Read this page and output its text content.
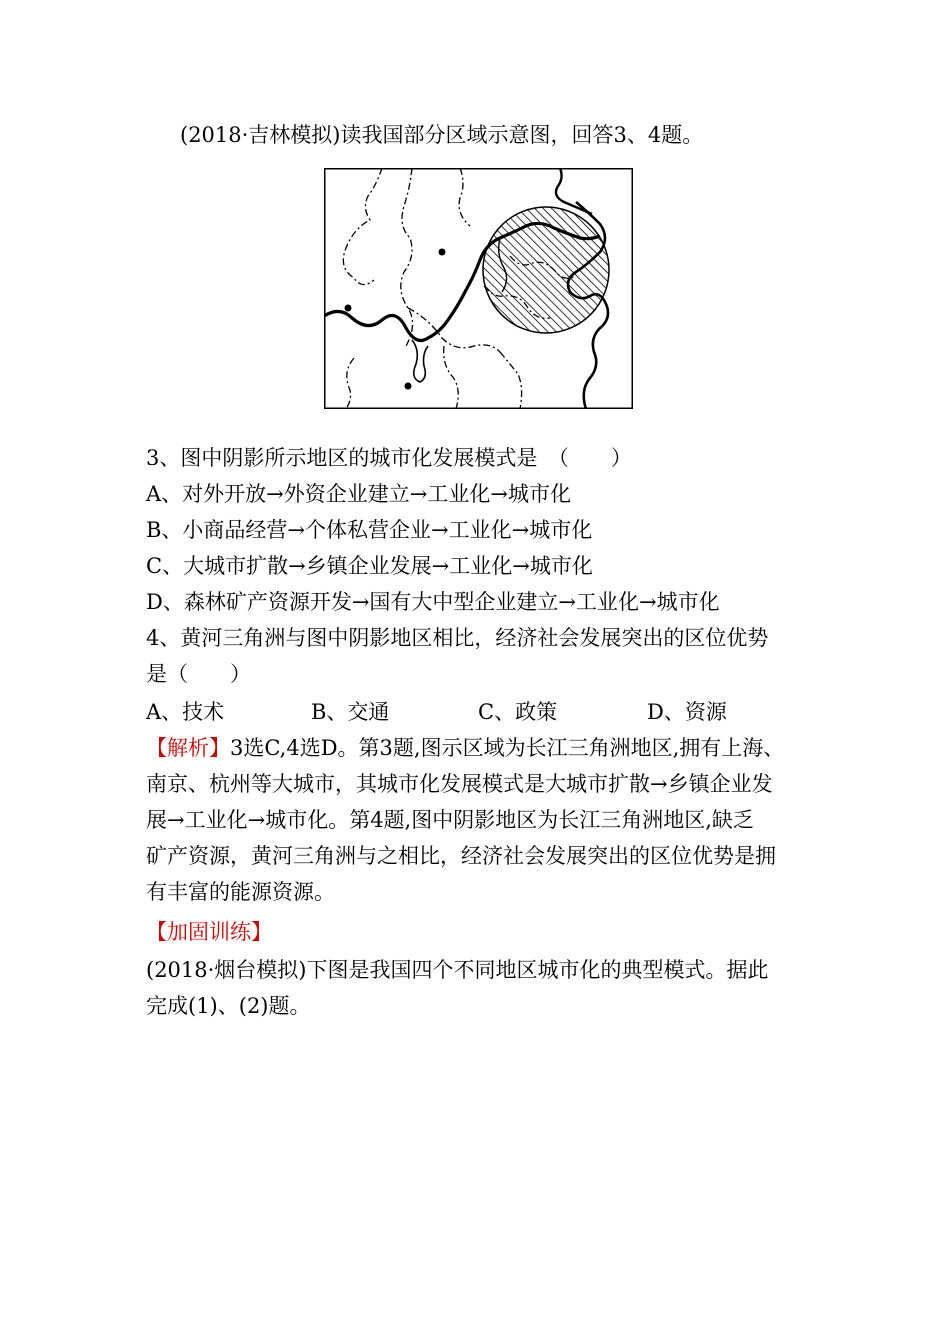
(2018·吉林模拟)读我国部分区域示意图，回答3、4题。
3、图中阴影所示地区的城市化发展模式是　（　　）
A、对外开放→外资企业建立→工业化→城市化
B、小商品经营→个体私营企业→工业化→城市化
C、大城市扩散→乡镇企业发展→工业化→城市化
D、森林矿产资源开发→国有大中型企业建立→工业化→城市化
4、黄河三角洲与图中阴影地区相比，经济社会发展突出的区位优势
是（　　）
A、技术	B、交通	C、政策	D、资源
【解析】3选C,4选D。第3题,图示区域为长江三角洲地区,拥有上海、
南京、杭州等大城市，其城市化发展模式是大城市扩散→乡镇企业发
展→工业化→城市化。第4题,图中阴影地区为长江三角洲地区,缺乏
矿产资源，黄河三角洲与之相比，经济社会发展突出的区位优势是拥
有丰富的能源资源。
【加固训练】
(2018·烟台模拟)下图是我国四个不同地区城市化的典型模式。据此
完成(1)、(2)题。
